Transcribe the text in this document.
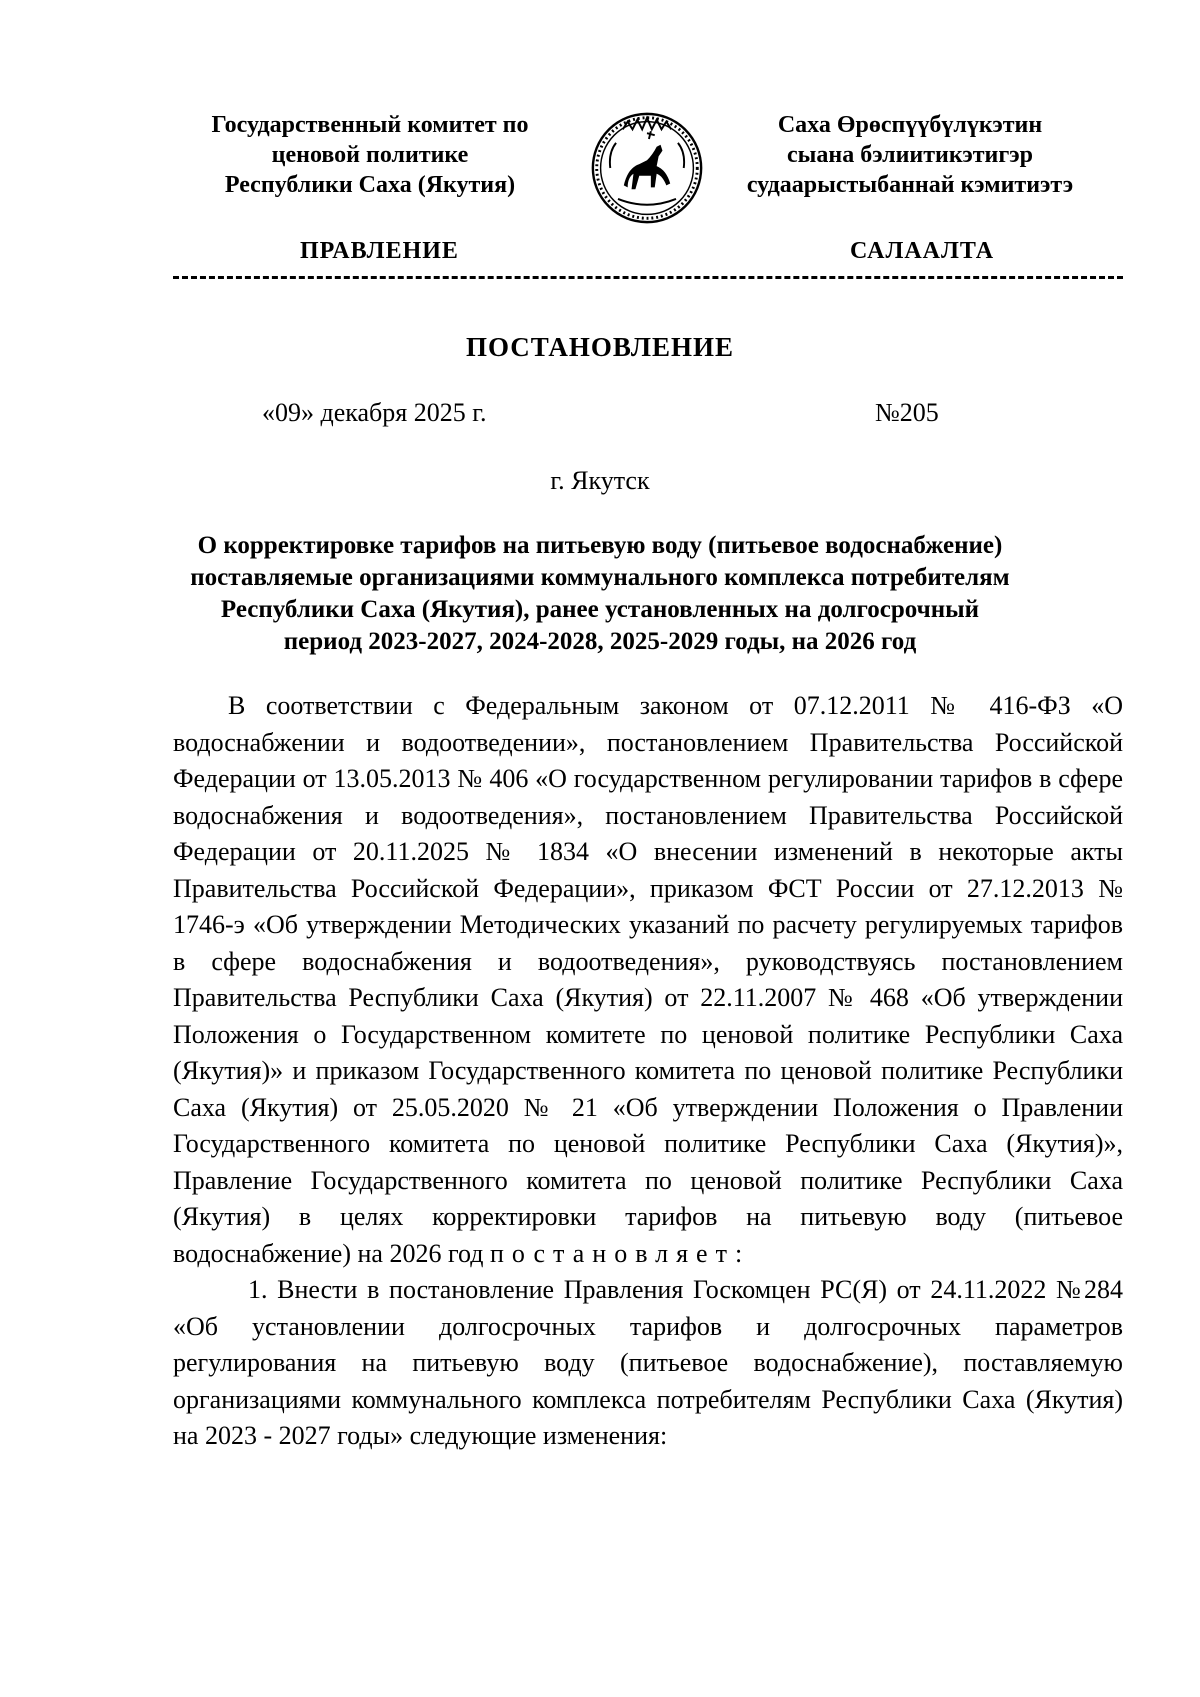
Государственный комитет по
ценовой политике
Республики Саха (Якутия)
Саха Өрөспүүбүлүкэтин
сыана бэлиитикэтигэр
судаарыстыбаннай кэмитиэтэ
ПРАВЛЕНИЕ	САЛААЛТА
ПОСТАНОВЛЕНИЕ
«09» декабря 2025 г.	№205
г. Якутск
О корректировке тарифов на питьевую воду (питьевое водоснабжение)
поставляемые организациями коммунального комплекса потребителям
Республики Саха (Якутия), ранее установленных на долгосрочный
период 2023-2027, 2024-2028, 2025-2029 годы, на 2026 год

В соответствии с Федеральным законом от 07.12.2011 № 416-ФЗ «О водоснабжении и водоотведении», постановлением Правительства Российской Федерации от 13.05.2013 № 406 «О государственном регулировании тарифов в сфере водоснабжения и водоотведения», постановлением Правительства Российской Федерации от 20.11.2025 № 1834 «О внесении изменений в некоторые акты Правительства Российской Федерации», приказом ФСТ России от 27.12.2013 № 1746-э «Об утверждении Методических указаний по расчету регулируемых тарифов в сфере водоснабжения и водоотведения», руководствуясь постановлением Правительства Республики Саха (Якутия) от 22.11.2007 № 468 «Об утверждении Положения о Государственном комитете по ценовой политике Республики Саха (Якутия)» и приказом Государственного комитета по ценовой политике Республики Саха (Якутия) от 25.05.2020 № 21 «Об утверждении Положения о Правлении Государственного комитета по ценовой политике Республики Саха (Якутия)», Правление Государственного комитета по ценовой политике Республики Саха (Якутия) в целях корректировки тарифов на питьевую воду (питьевое водоснабжение) на 2026 год постановляет:

1. Внести в постановление Правления Госкомцен РС(Я) от 24.11.2022 №284 «Об установлении долгосрочных тарифов и долгосрочных параметров регулирования на питьевую воду (питьевое водоснабжение), поставляемую организациями коммунального комплекса потребителям Республики Саха (Якутия) на 2023 - 2027 годы» следующие изменения:
